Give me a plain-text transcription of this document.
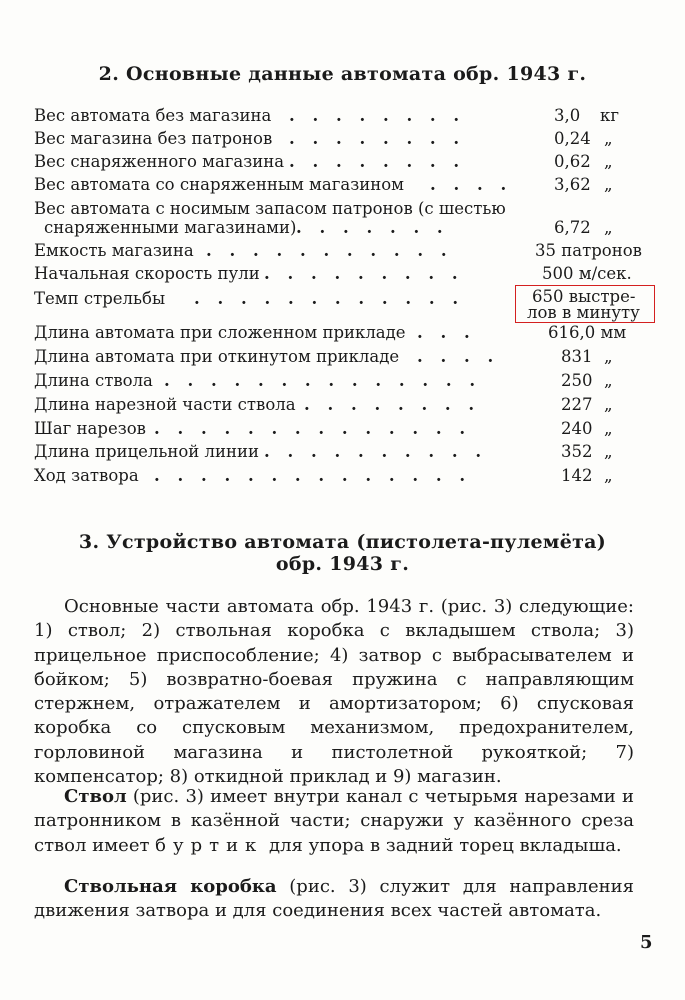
2. Основные данные автомата обр. 1943 г.
Вес автомата без магазина . . . . . . . .	3,0 кг
Вес магазина без патронов . . . . . . . .	0,24 „
Вес снаряженного магазина . . . . . . . .	0,62 „
Вес автомата со снаряженным магазином . . . .	3,62 „
Вес автомата с носимым запасом патронов (с шестью
снаряженными магазинами) . . . . . . .	6,72 „
Емкость магазина . . . . . . . . . . .	35 патронов
Начальная скорость пули . . . . . . . . .	500 м/сек.
Темп стрельбы . . . . . . . . . . . .	650 выстре-
лов в минуту
Длина автомата при сложенном прикладе . . .	616,0 мм
Длина автомата при откинутом прикладе . . . .	831 „
Длина ствола . . . . . . . . . . . . . .	250 „
Длина нарезной части ствола . . . . . . . .	227 „
Шаг нарезов . . . . . . . . . . . . . .	240 „
Длина прицельной линии . . . . . . . . . .	352 „
Ход затвора . . . . . . . . . . . . . .	142 „
3. Устройство автомата (пистолета-пулемёта)
обр. 1943 г.

Основные части автомата обр. 1943 г. (рис. 3) следующие: 1) ствол; 2) ствольная коробка с вкладышем ствола; 3) прицельное приспособление; 4) затвор с выбрасывателем и бойком; 5) возвратно-боевая пружина с направляющим стержнем, отражателем и амортизатором; 6) спусковая коробка со спусковым механизмом, предохранителем, горловиной магазина и пистолетной рукояткой; 7) компенсатор; 8) откидной приклад и 9) магазин.

Ствол (рис. 3) имеет внутри канал с четырьмя нарезами и патронником в казённой части; снаружи у казённого среза ствол имеет буртик для упора в задний торец вкладыша.

Ствольная коробка (рис. 3) служит для направления движения затвора и для соединения всех частей автомата.

5
